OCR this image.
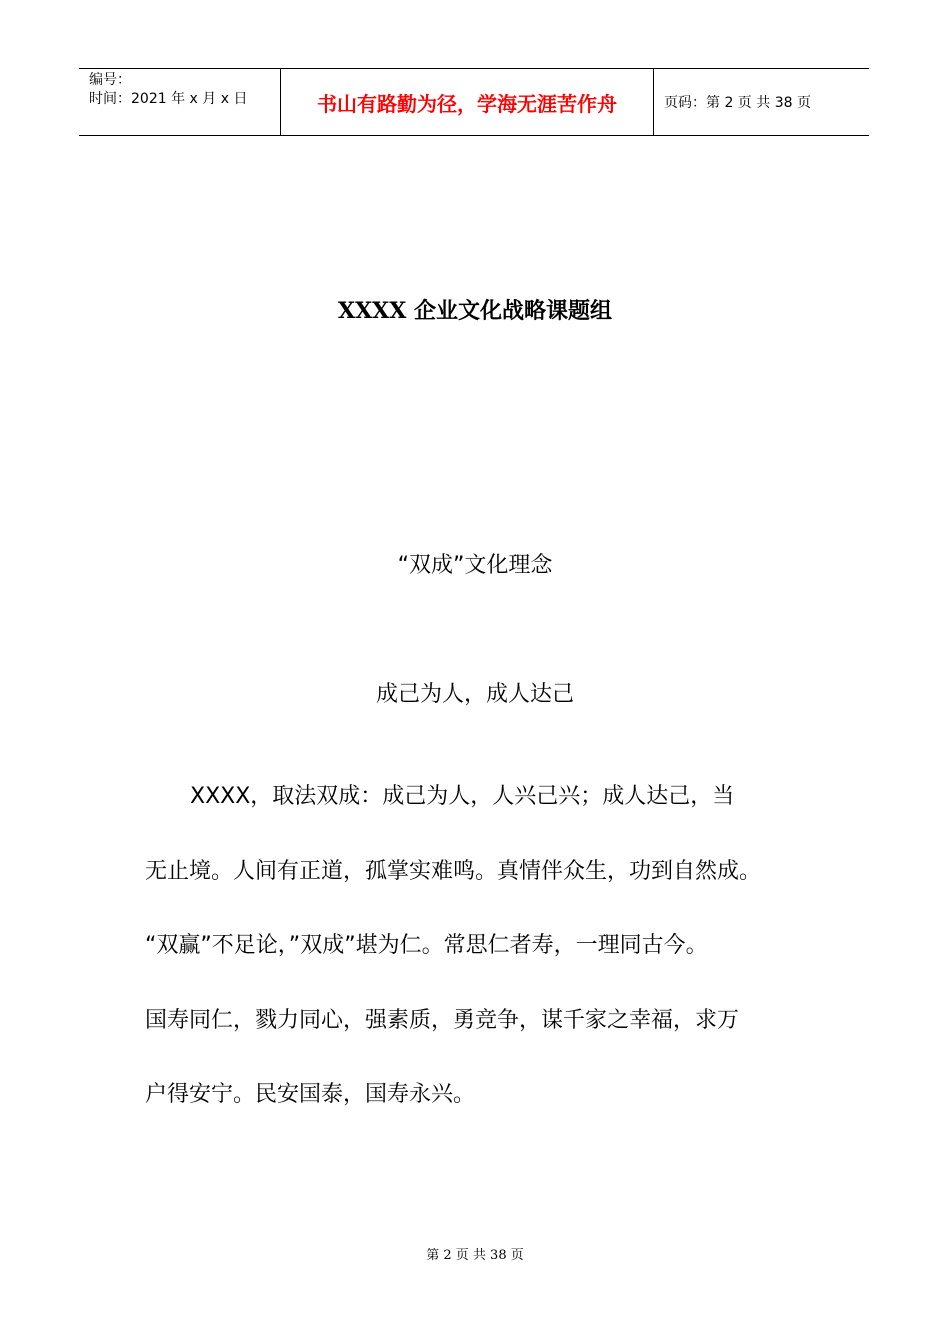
编号：
时间：2021 年 x 月 x 日	书山有路勤为径，学海无涯苦作舟	页码：第 2 页 共 38 页
XXXX 企业文化战略课题组
“双成”文化理念
成己为人，成人达己
XXXX，取法双成：成己为人，人兴己兴；成人达己，当
无止境。人间有正道，孤掌实难鸣。真情伴众生，功到自然成。
“双赢”不足论，”双成”堪为仁。常思仁者寿，一理同古今。
国寿同仁，戮力同心，强素质，勇竞争，谋千家之幸福，求万
户得安宁。民安国泰，国寿永兴。
第 2 页 共 38 页
